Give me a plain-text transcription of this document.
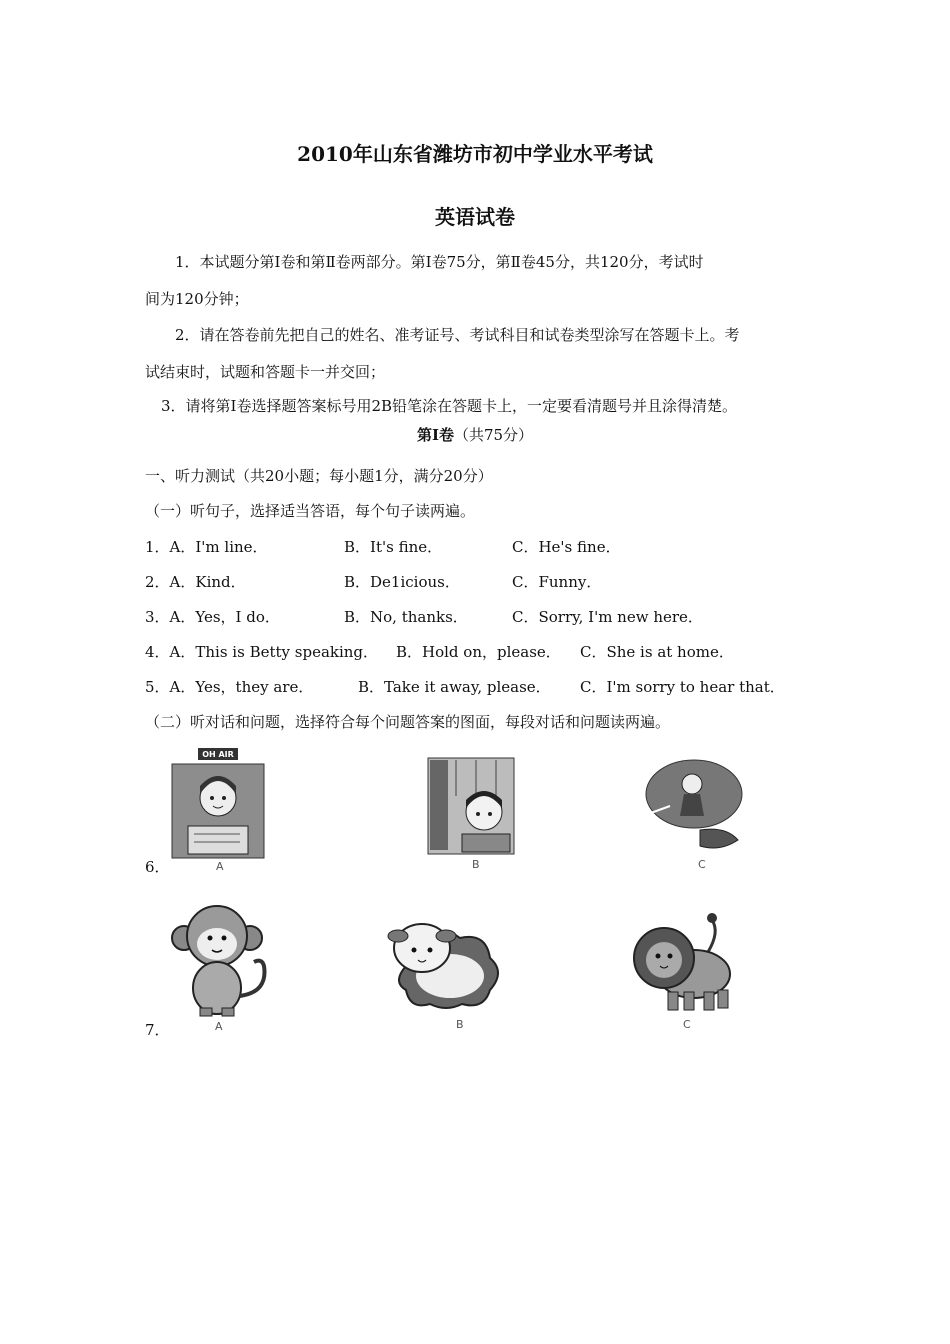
2010年山东省潍坊市初中学业水平考试
英语试卷
1．本试题分第Ⅰ卷和第Ⅱ卷两部分。第Ⅰ卷75分，第Ⅱ卷45分，共120分，考试时
间为120分钟；
2．请在答卷前先把自己的姓名、准考证号、考试科目和试卷类型涂写在答题卡上。考
试结束时，试题和答题卡一并交回；
3．请将第Ⅰ卷选择题答案标号用2B铅笔涂在答题卡上，一定要看清题号并且涂得清楚。
第Ⅰ卷（共75分）
一、听力测试（共20小题；每小题1分，满分20分）
（一）听句子，选择适当答语，每个句子读两遍。
1．A．I'm line．	B．It's fine．	C．He's fine．
2．A．Kind．	B．De1icious．	C．Funny．
3．A．Yes，I do．	B．No, thanks．	C．Sorry, I'm new here．
4．A．This is Betty speaking． B．Hold on，please． C．She is at home．
5．A．Yes，they are．	B．Take it away, please． C．I'm sorry to hear that．
（二）听对话和问题，选择符合每个问题答案的图面，每段对话和问题读两遍。
6．
OH AIR
A	B	C
7．	A	B	C
